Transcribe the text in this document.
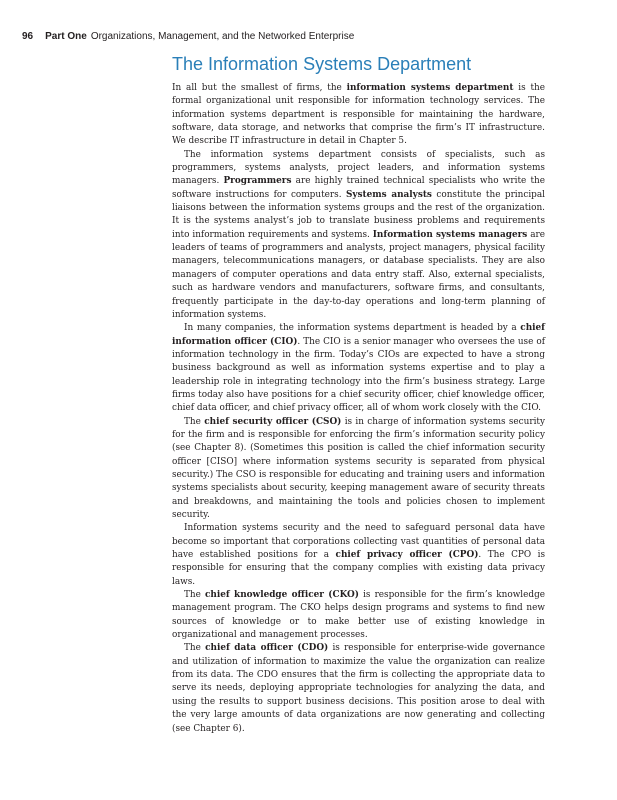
96 Part One Organizations, Management, and the Networked Enterprise
The Information Systems Department

In all but the smallest of firms, the information systems department is the formal organizational unit responsible for information technology services. The information systems department is responsible for maintaining the hardware, software, data storage, and networks that comprise the firm’s IT infrastructure. We describe IT infrastructure in detail in Chapter 5.

The information systems department consists of specialists, such as programmers, systems analysts, project leaders, and information systems managers. Programmers are highly trained technical specialists who write the software instructions for computers. Systems analysts constitute the principal liaisons between the information systems groups and the rest of the organization. It is the systems analyst’s job to translate business problems and requirements into information requirements and systems. Information systems managers are leaders of teams of programmers and analysts, project managers, physical facility managers, telecommunications managers, or database specialists. They are also managers of computer operations and data entry staff. Also, external specialists, such as hardware vendors and manufacturers, software firms, and consultants, frequently participate in the day-to-day operations and long-term planning of information systems.

In many companies, the information systems department is headed by a chief information officer (CIO). The CIO is a senior manager who oversees the use of information technology in the firm. Today’s CIOs are expected to have a strong business background as well as information systems expertise and to play a leadership role in integrating technology into the firm’s business strategy. Large firms today also have positions for a chief security officer, chief knowledge officer, chief data officer, and chief privacy officer, all of whom work closely with the CIO.

The chief security officer (CSO) is in charge of information systems security for the firm and is responsible for enforcing the firm’s information security policy (see Chapter 8). (Sometimes this position is called the chief information security officer [CISO] where information systems security is separated from physical security.) The CSO is responsible for educating and training users and information systems specialists about security, keeping management aware of security threats and breakdowns, and maintaining the tools and policies chosen to implement security.

Information systems security and the need to safeguard personal data have become so important that corporations collecting vast quantities of personal data have established positions for a chief privacy officer (CPO). The CPO is responsible for ensuring that the company complies with existing data privacy laws.

The chief knowledge officer (CKO) is responsible for the firm’s knowledge management program. The CKO helps design programs and systems to find new sources of knowledge or to make better use of existing knowledge in organizational and management processes.

The chief data officer (CDO) is responsible for enterprise-wide governance and utilization of information to maximize the value the organization can realize from its data. The CDO ensures that the firm is collecting the appropriate data to serve its needs, deploying appropriate technologies for analyzing the data, and using the results to support business decisions. This position arose to deal with the very large amounts of data organizations are now generating and collecting (see Chapter 6).
